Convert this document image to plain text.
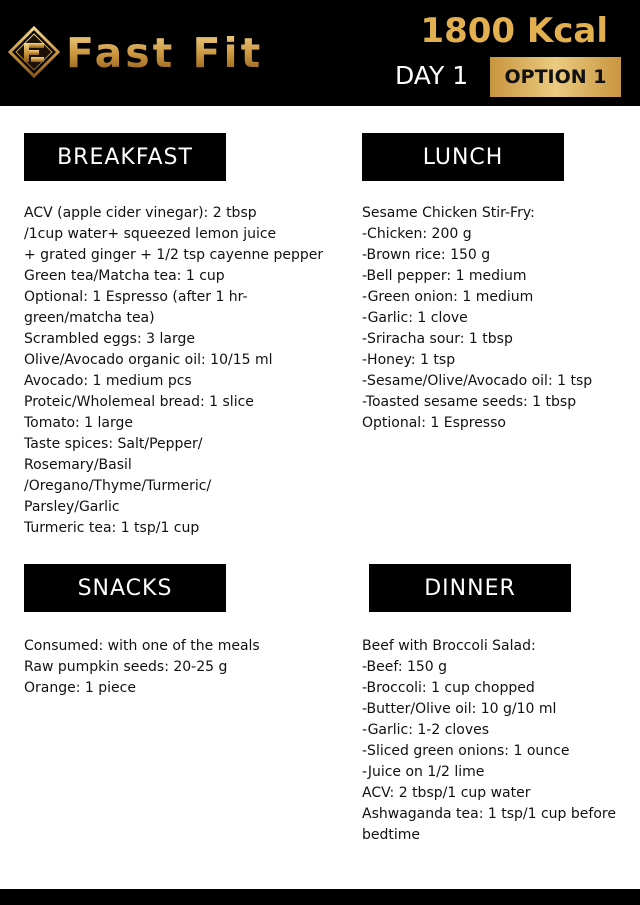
Fast Fit	1800 Kcal
DAY 1	OPTION 1
BREAKFAST
ACV (apple cider vinegar): 2 tbsp
/1cup water+ squeezed lemon juice
+ grated ginger + 1/2 tsp cayenne pepper
Green tea/Matcha tea: 1 cup
Optional: 1 Espresso (after 1 hr-
green/matcha tea)
Scrambled eggs: 3 large
Olive/Avocado organic oil: 10/15 ml
Avocado: 1 medium pcs
Proteic/Wholemeal bread: 1 slice
Tomato: 1 large
Taste spices: Salt/Pepper/
Rosemary/Basil
/Oregano/Thyme/Turmeric/
Parsley/Garlic
Turmeric tea: 1 tsp/1 cup
LUNCH
Sesame Chicken Stir-Fry:
-Chicken: 200 g
-Brown rice: 150 g
-Bell pepper: 1 medium
-Green onion: 1 medium
-Garlic: 1 clove
-Sriracha sour: 1 tbsp
-Honey: 1 tsp
-Sesame/Olive/Avocado oil: 1 tsp
-Toasted sesame seeds: 1 tbsp
Optional: 1 Espresso
SNACKS
Consumed: with one of the meals
Raw pumpkin seeds: 20-25 g
Orange: 1 piece
DINNER
Beef with Broccoli Salad:
-Beef: 150 g
-Broccoli: 1 cup chopped
-Butter/Olive oil: 10 g/10 ml
-Garlic: 1-2 cloves
-Sliced green onions: 1 ounce
-Juice on 1/2 lime
ACV: 2 tbsp/1 cup water
Ashwaganda tea: 1 tsp/1 cup before
bedtime
